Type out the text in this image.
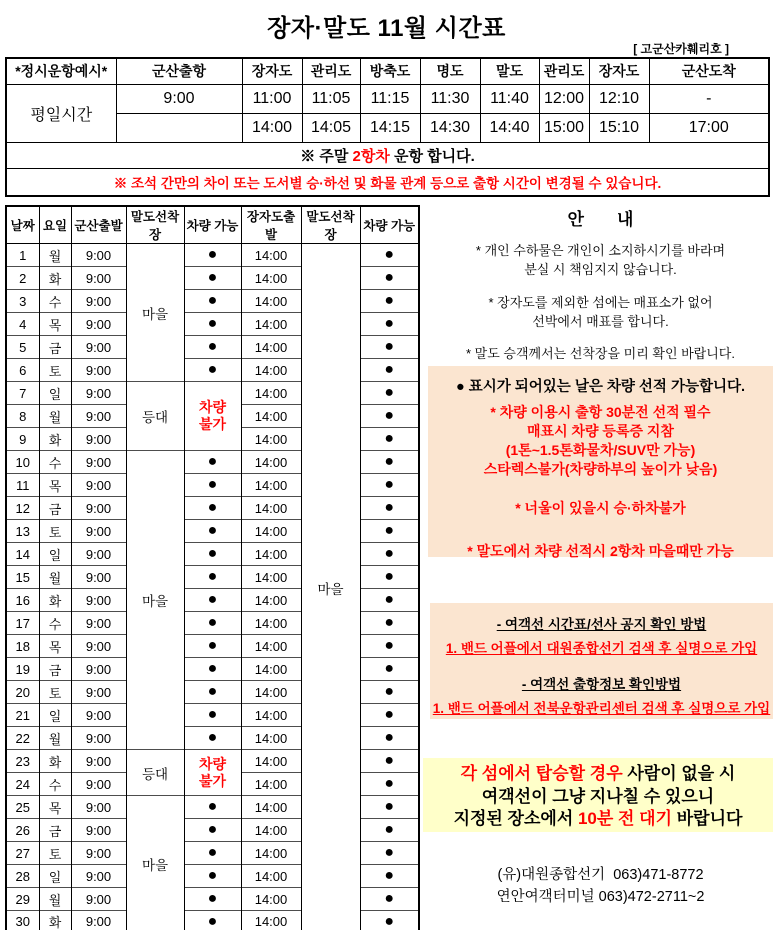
장자·말도 11월 시간표
[ 고군산카훼리호 ]
*정시운항예시*	군산출항	장자도	관리도	방축도	명도	말도	관리도	장자도	군산도착
평일시간	9:00	11:00	11:05	11:15	11:30	11:40	12:00	12:10	-
		14:00	14:05	14:15	14:30	14:40	15:00	15:10	17:00
※ 주말 2항차 운항 합니다.									
※ 조석 간만의 차이 또는 도서별 승·하선 및 화물 관계 등으로 출항 시간이 변경될 수 있습니다.									
날짜	요일	군산출발	말도선착장	차량 가능	장자도출발	말도선착장	차량 가능
1	월	9:00	마을	●	14:00	마을	●
2	화	9:00		●	14:00		●
3	수	9:00		●	14:00		●
4	목	9:00		●	14:00		●
5	금	9:00		●	14:00		●
6	토	9:00		●	14:00		●
7	일	9:00	등대	차량
불가	14:00		●
8	월	9:00			14:00		●
9	화	9:00			14:00		●
10	수	9:00	마을	●	14:00		●
11	목	9:00		●	14:00		●
12	금	9:00		●	14:00		●
13	토	9:00		●	14:00		●
14	일	9:00		●	14:00		●
15	월	9:00		●	14:00		●
16	화	9:00		●	14:00		●
17	수	9:00		●	14:00		●
18	목	9:00		●	14:00		●
19	금	9:00		●	14:00		●
20	토	9:00		●	14:00		●
21	일	9:00		●	14:00		●
22	월	9:00		●	14:00		●
23	화	9:00	등대	차량
불가	14:00		●
24	수	9:00			14:00		●
25	목	9:00	마을	●	14:00		●
26	금	9:00		●	14:00		●
27	토	9:00		●	14:00		●
28	일	9:00		●	14:00		●
29	월	9:00		●	14:00		●
30	화	9:00		●	14:00		●
안       내

* 개인 수하물은 개인이 소지하시기를 바라며
분실 시 책임지지 않습니다.

* 장자도를 제외한 섬에는 매표소가 없어
선박에서 매표를 합니다.

* 말도 승객께서는 선착장을 미리 확인 바랍니다.

● 표시가 되어있는 날은 차량 선적 가능합니다.
* 차량 이용시 출항 30분전 선적 필수
매표시 차량 등록증 지참
(1톤~1.5톤화물차/SUV만 가능)
스타렉스불가(차량하부의 높이가 낮음)
* 너울이 있을시 승·하차불가
* 말도에서 차량 선적시 2항차 마을때만 가능
- 여객선 시간표/선사 공지 확인 방법
1. 밴드 어플에서 대원종합선기 검색 후 실명으로 가입
- 여객선 출항정보 확인방법
1. 밴드 어플에서 전북운항관리센터 검색 후 실명으로 가입
각 섬에서 탑승할 경우 사람이 없을 시
여객선이 그냥 지나칠 수 있으니
지정된 장소에서 10분 전 대기 바랍니다
(유)대원종합선기  063)471-8772
연안여객터미널 063)472-2711~2
